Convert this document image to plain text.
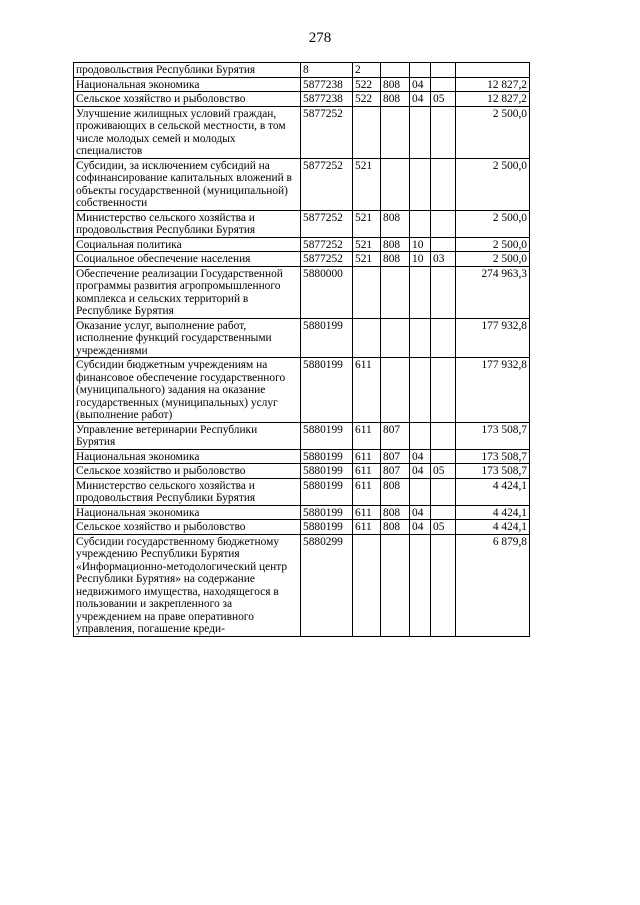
278
продовольствия Республики Бурятия	8	2				
Национальная экономика	5877238	522	808	04		12 827,2
Сельское хозяйство и рыболовство	5877238	522	808	04	05	12 827,2
Улучшение жилищных условий граждан, проживающих в сельской местности, в том числе молодых семей и молодых специалистов	5877252					2 500,0
Субсидии, за исключением субсидий на софинансирование капитальных вложений в объекты государственной (муниципальной) собственности	5877252	521				2 500,0
Министерство сельского хозяйства и продовольствия Республики Бурятия	5877252	521	808			2 500,0
Социальная политика	5877252	521	808	10		2 500,0
Социальное обеспечение населения	5877252	521	808	10	03	2 500,0
Обеспечение реализации Государственной программы развития агропромышленного комплекса и сельских территорий в Республике Бурятия	5880000					274 963,3
Оказание услуг, выполнение работ, исполнение функций государственными учреждениями	5880199					177 932,8
Субсидии бюджетным учреждениям на финансовое обеспечение государственного (муниципального) задания на оказание государственных (муниципальных) услуг (выполнение работ)	5880199	611				177 932,8
Управление ветеринарии Республики Бурятия	5880199	611	807			173 508,7
Национальная экономика	5880199	611	807	04		173 508,7
Сельское хозяйство и рыболовство	5880199	611	807	04	05	173 508,7
Министерство сельского хозяйства и продовольствия Республики Бурятия	5880199	611	808			4 424,1
Национальная экономика	5880199	611	808	04		4 424,1
Сельское хозяйство и рыболовство	5880199	611	808	04	05	4 424,1
Субсидии государственному бюджетному учреждению Республики Бурятия «Информационно-методологический центр Республики Бурятия» на содержание недвижимого имущества, находящегося в пользовании и закрепленного за учреждением на праве оперативного управления, погашение креди-	5880299					6 879,8
